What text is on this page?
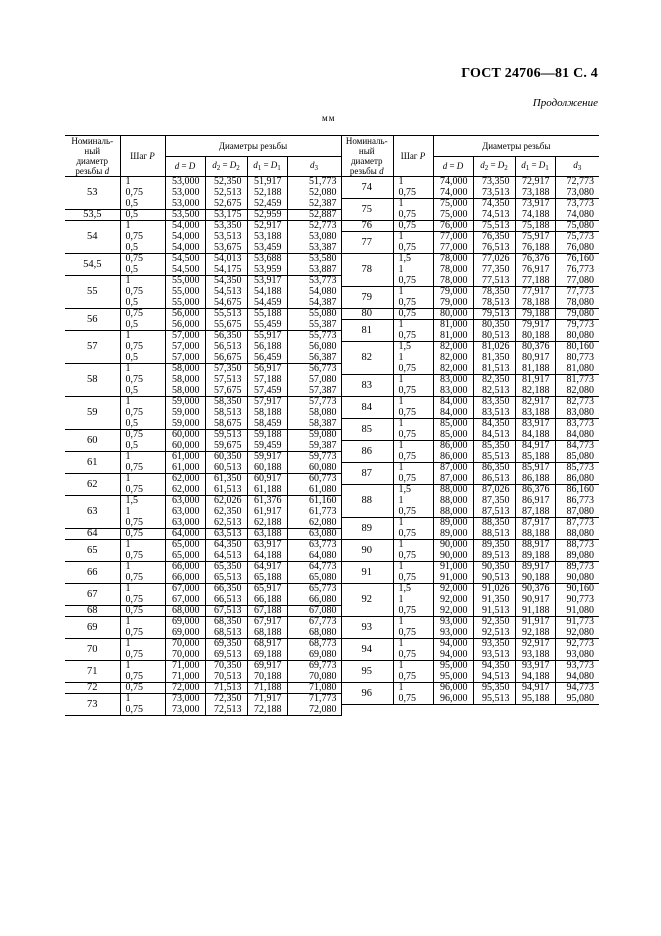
ГОСТ 24706—81 С. 4
Продолжение
мм
Номиналь-
ный
диаметр
резьбы d	Шаг P	Диаметры резьбы			
		d = D	$d_2 = D_2$	$d_1 = D_1$	$d_3$
53	1	53,000	52,350	51,917	51,773
	0,75	53,000	52,513	52,188	52,080
	0,5	53,000	52,675	52,459	52,387
53,5	0,5	53,500	53,175	52,959	52,887
54	1	54,000	53,350	52,917	52,773
	0,75	54,000	53,513	53,188	53,080
	0,5	54,000	53,675	53,459	53,387
54,5	0,75	54,500	54,013	53,688	53,580
	0,5	54,500	54,175	53,959	53,887
55	1	55,000	54,350	53,917	53,773
	0,75	55,000	54,513	54,188	54,080
	0,5	55,000	54,675	54,459	54,387
56	0,75	56,000	55,513	55,188	55,080
	0,5	56,000	55,675	55,459	55,387
57	1	57,000	56,350	55,917	55,773
	0,75	57,000	56,513	56,188	56,080
	0,5	57,000	56,675	56,459	56,387
58	1	58,000	57,350	56,917	56,773
	0,75	58,000	57,513	57,188	57,080
	0,5	58,000	57,675	57,459	57,387
59	1	59,000	58,350	57,917	57,773
	0,75	59,000	58,513	58,188	58,080
	0,5	59,000	58,675	58,459	58,387
60	0,75	60,000	59,513	59,188	59,080
	0,5	60,000	59,675	59,459	59,387
61	1	61,000	60,350	59,917	59,773
	0,75	61,000	60,513	60,188	60,080
62	1	62,000	61,350	60,917	60,773
	0,75	62,000	61,513	61,188	61,080
63	1,5	63,000	62,026	61,376	61,160
	1	63,000	62,350	61,917	61,773
	0,75	63,000	62,513	62,188	62,080
64	0,75	64,000	63,513	63,188	63,080
65	1	65,000	64,350	63,917	63,773
	0,75	65,000	64,513	64,188	64,080
66	1	66,000	65,350	64,917	64,773
	0,75	66,000	65,513	65,188	65,080
67	1	67,000	66,350	65,917	65,773
	0,75	67,000	66,513	66,188	66,080
68	0,75	68,000	67,513	67,188	67,080
69	1	69,000	68,350	67,917	67,773
	0,75	69,000	68,513	68,188	68,080
70	1	70,000	69,350	68,917	68,773
	0,75	70,000	69,513	69,188	69,080
71	1	71,000	70,350	69,917	69,773
	0,75	71,000	70,513	70,188	70,080
72	0,75	72,000	71,513	71,188	71,080
73	1	73,000	72,350	71,917	71,773
	0,75	73,000	72,513	72,188	72,080
Номиналь-
ный
диаметр
резьбы d	Шаг P	Диаметры резьбы			
		d = D	$d_2 = D_2$	$d_1 = D_1$	$d_3$
74	1	74,000	73,350	72,917	72,773
	0,75	74,000	73,513	73,188	73,080
75	1	75,000	74,350	73,917	73,773
	0,75	75,000	74,513	74,188	74,080
76	0,75	76,000	75,513	75,188	75,080
77	1	77,000	76,350	75,917	75,773
	0,75	77,000	76,513	76,188	76,080
78	1,5	78,000	77,026	76,376	76,160
	1	78,000	77,350	76,917	76,773
	0,75	78,000	77,513	77,188	77,080
79	1	79,000	78,350	77,917	77,773
	0,75	79,000	78,513	78,188	78,080
80	0,75	80,000	79,513	79,188	79,080
81	1	81,000	80,350	79,917	79,773
	0,75	81,000	80,513	80,188	80,080
82	1,5	82,000	81,026	80,376	80,160
	1	82,000	81,350	80,917	80,773
	0,75	82,000	81,513	81,188	81,080
83	1	83,000	82,350	81,917	81,773
	0,75	83,000	82,513	82,188	82,080
84	1	84,000	83,350	82,917	82,773
	0,75	84,000	83,513	83,188	83,080
85	1	85,000	84,350	83,917	83,773
	0,75	85,000	84,513	84,188	84,080
86	1	86,000	85,350	84,917	84,773
	0,75	86,000	85,513	85,188	85,080
87	1	87,000	86,350	85,917	85,773
	0,75	87,000	86,513	86,188	86,080
88	1,5	88,000	87,026	86,376	86,160
	1	88,000	87,350	86,917	86,773
	0,75	88,000	87,513	87,188	87,080
89	1	89,000	88,350	87,917	87,773
	0,75	89,000	88,513	88,188	88,080
90	1	90,000	89,350	88,917	88,773
	0,75	90,000	89,513	89,188	89,080
91	1	91,000	90,350	89,917	89,773
	0,75	91,000	90,513	90,188	90,080
92	1,5	92,000	91,026	90,376	90,160
	1	92,000	91,350	90,917	90,773
	0,75	92,000	91,513	91,188	91,080
93	1	93,000	92,350	91,917	91,773
	0,75	93,000	92,513	92,188	92,080
94	1	94,000	93,350	92,917	92,773
	0,75	94,000	93,513	93,188	93,080
95	1	95,000	94,350	93,917	93,773
	0,75	95,000	94,513	94,188	94,080
96	1	96,000	95,350	94,917	94,773
	0,75	96,000	95,513	95,188	95,080
